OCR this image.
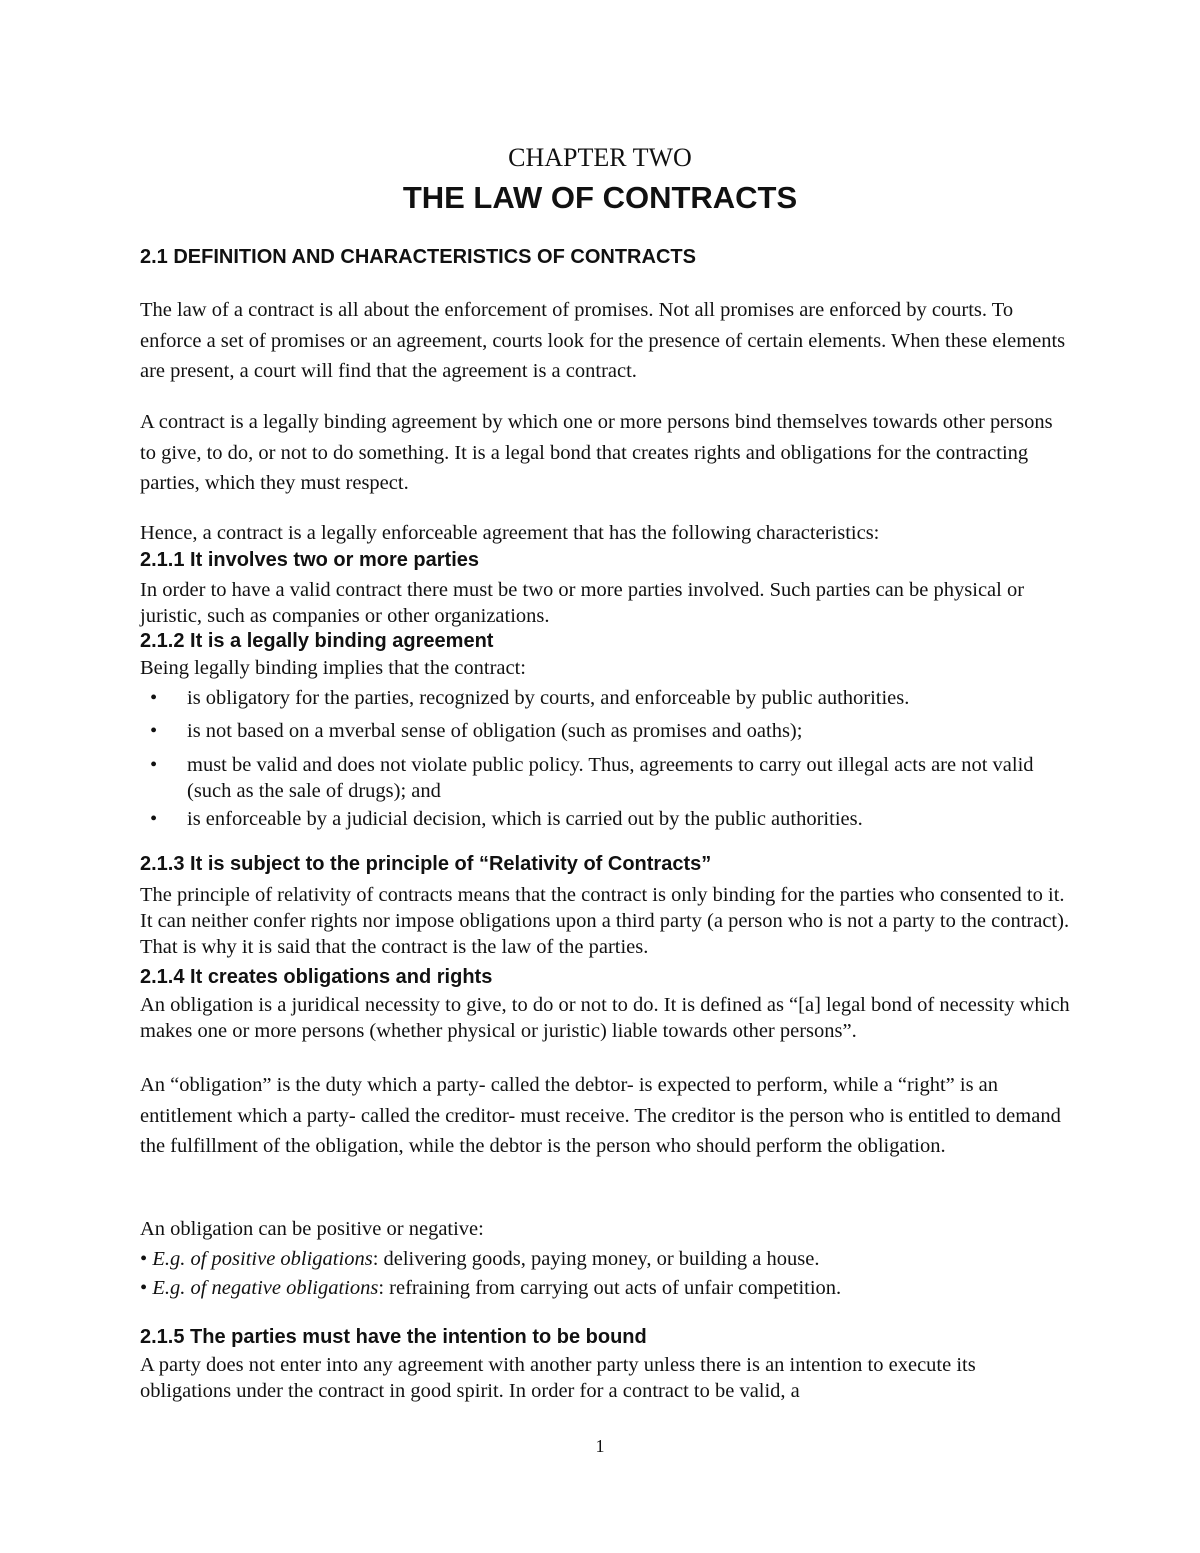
CHAPTER TWO

THE LAW OF CONTRACTS

2.1 DEFINITION AND CHARACTERISTICS OF CONTRACTS

The law of a contract is all about the enforcement of promises. Not all promises are enforced by courts. To enforce a set of promises or an agreement, courts look for the presence of certain elements. When these elements are present, a court will find that the agreement is a contract.

A contract is a legally binding agreement by which one or more persons bind themselves towards other persons to give, to do, or not to do something. It is a legal bond that creates rights and obligations for the contracting parties, which they must respect.

Hence, a contract is a legally enforceable agreement that has the following characteristics:

2.1.1 It involves two or more parties

In order to have a valid contract there must be two or more parties involved. Such parties can be physical or juristic, such as companies or other organizations.

2.1.2 It is a legally binding agreement

Being legally binding implies that the contract:

• is obligatory for the parties, recognized by courts, and enforceable by public authorities.
• is not based on a mverbal sense of obligation (such as promises and oaths);
• must be valid and does not violate public policy. Thus, agreements to carry out illegal acts are not valid (such as the sale of drugs); and
• is enforceable by a judicial decision, which is carried out by the public authorities.

2.1.3 It is subject to the principle of “Relativity of Contracts”

The principle of relativity of contracts means that the contract is only binding for the parties who consented to it. It can neither confer rights nor impose obligations upon a third party (a person who is not a party to the contract). That is why it is said that the contract is the law of the parties.

2.1.4 It creates obligations and rights

An obligation is a juridical necessity to give, to do or not to do. It is defined as “[a] legal bond of necessity which makes one or more persons (whether physical or juristic) liable towards other persons”.

An “obligation” is the duty which a party- called the debtor- is expected to perform, while a “right” is an entitlement which a party- called the creditor- must receive. The creditor is the person who is entitled to demand the fulfillment of the obligation, while the debtor is the person who should perform the obligation.

An obligation can be positive or negative:

• E.g. of positive obligations: delivering goods, paying money, or building a house.

• E.g. of negative obligations: refraining from carrying out acts of unfair competition.

2.1.5 The parties must have the intention to be bound

A party does not enter into any agreement with another party unless there is an intention to execute its obligations under the contract in good spirit. In order for a contract to be valid, a

1
